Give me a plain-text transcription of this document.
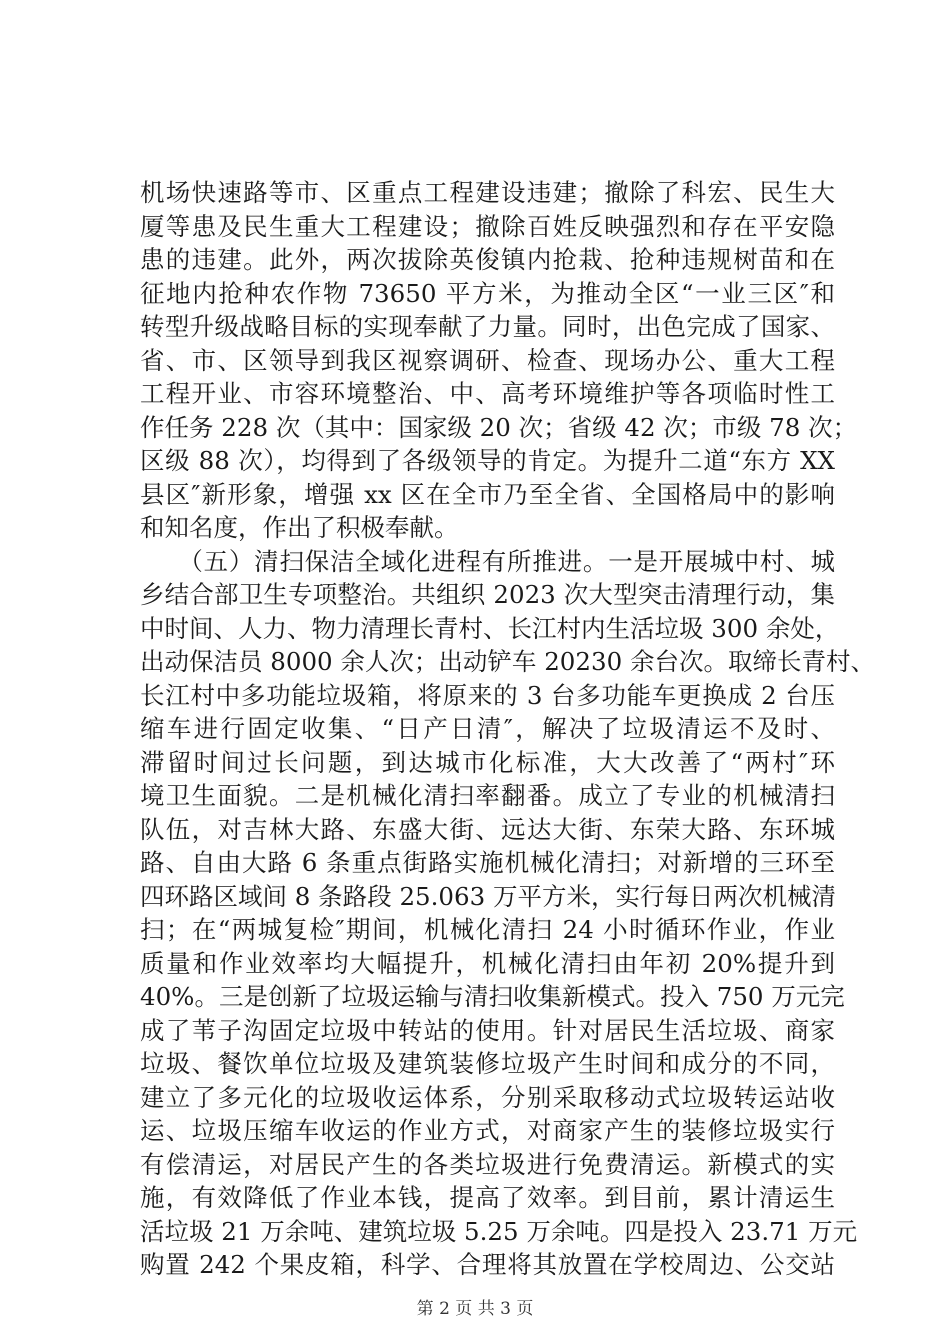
机场快速路等市、区重点工程建设违建；撤除了科宏、民生大
厦等患及民生重大工程建设；撤除百姓反映强烈和存在平安隐
患的违建。此外，两次拔除英俊镇内抢栽、抢种违规树苗和在
征地内抢种农作物 73650 平方米，为推动全区“一业三区″和
转型升级战略目标的实现奉献了力量。同时，出色完成了国家、
省、市、区领导到我区视察调研、检查、现场办公、重大工程
工程开业、市容环境整治、中、高考环境维护等各项临时性工
作任务 228 次（其中：国家级 20 次；省级 42 次；市级 78 次；
区级 88 次），均得到了各级领导的肯定。为提升二道“东方 XX
县区″新形象，增强 xx 区在全市乃至全省、全国格局中的影响
和知名度，作出了积极奉献。
　　（五）清扫保洁全域化进程有所推进。一是开展城中村、城
乡结合部卫生专项整治。共组织 2023 次大型突击清理行动，集
中时间、人力、物力清理长青村、长江村内生活垃圾 300 余处，
出动保洁员 8000 余人次；出动铲车 20230 余台次。取缔长青村、
长江村中多功能垃圾箱，将原来的 3 台多功能车更换成 2 台压
缩车进行固定收集、“日产日清″，解决了垃圾清运不及时、
滞留时间过长问题，到达城市化标准，大大改善了“两村″环
境卫生面貌。二是机械化清扫率翻番。成立了专业的机械清扫
队伍，对吉林大路、东盛大街、远达大街、东荣大路、东环城
路、自由大路 6 条重点街路实施机械化清扫；对新增的三环至
四环路区域间 8 条路段 25.063 万平方米，实行每日两次机械清
扫；在“两城复检″期间，机械化清扫 24 小时循环作业，作业
质量和作业效率均大幅提升，机械化清扫由年初 20%提升到
40%。三是创新了垃圾运输与清扫收集新模式。投入 750 万元完
成了苇子沟固定垃圾中转站的使用。针对居民生活垃圾、商家
垃圾、餐饮单位垃圾及建筑装修垃圾产生时间和成分的不同，
建立了多元化的垃圾收运体系，分别采取移动式垃圾转运站收
运、垃圾压缩车收运的作业方式，对商家产生的装修垃圾实行
有偿清运，对居民产生的各类垃圾进行免费清运。新模式的实
施，有效降低了作业本钱，提高了效率。到目前，累计清运生
活垃圾 21 万余吨、建筑垃圾 5.25 万余吨。四是投入 23.71 万元
购置 242 个果皮箱，科学、合理将其放置在学校周边、公交站
第 2 页 共 3 页
